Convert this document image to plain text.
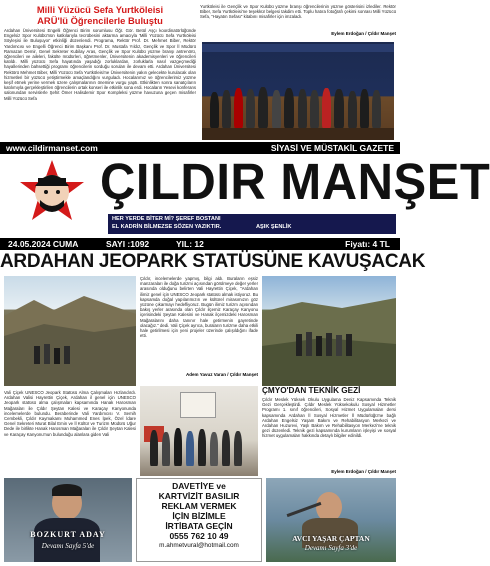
Milli Yüzücü Sefa Yurtköleisi
ARÜ'lü Öğrencilerle Buluştu
Ardahan Üniversitesi Engelli Öğrenci Birim sorumlusu Öğr. Gör. Betül Aşçı koordinatörlüğünde Engelsiz Spor Kulübü'nün katkılarıyla tecrübesini aktarma amacıyla 'Milli Yüzücü Sefa Yurtköleisi Söyleşisi ile Buluşuyor' etkinliği düzenlendi. Programa, Rektör Prof. Dr. Mehmet Biber, Rektör Yardımcısı ve Engelli Öğrenci Birim Başkanı Prof. Dr. Mustafa Yıldız, Gençlik ve Spor İl Müdürü Ramazan Demir, Genel Sekreter Kubilay Aras, Gençlik ve Spor Kulübü yüzme branşı antrenörü, öğrencileri ve aileleri, fakülte müdürleri, öğretmenler, Üniversitenin akademisyenleri ve öğrencileri katıldı. Milli yüzücü Sefa hayatında yaşadığı zorluklardan, zorluklarla nasıl vazgeçmediği hayallerinden bahsettiği programı öğrencilerin sorduğu soruları ile devam etti. Ardahan Üniversitesi Rektörü Mehmet Biber, Milli Yüzücü Sefa Yurtköleisi'ne Üniversitenin yakın gelecekte kurulacak olan hizmetleri bir yüzücü yetiştirmekle amaçlandığını vurguladı. Hocalarımız ve öğrencilerimiz yüzme keşif etmek yerine vermek üzere çalışmalarının önemine vurgu yaptı. Etkinlikten sonra sanatçıların katılımıyla gerçekleştirilen öğrencilerin ortak konseri ile etkinlik sona erdi. Hocaların Yesevi konferans salonundan servislerle Şehit Ömer Halisdemir Spor Kompleksi yüzme havuzuna geçen misafirler Milli Yüzücü Sefa
Yurtköleisi ile Gençlik ve Spor Kulübü yüzme branşı öğrencilerinin yüzme gösterisini izlediler. Rektör Biber, Sefa Yurtköleisi'ne teşekkür belgesi takdim etti. Toplu hatıra fotoğrafı çekimi sonrası Milli Yüzücü Sefa, "Hayatın Sefası" kitabını misafirler için imzaladı.
Eylem Erdoğan / Çıldır Manşet
www.cildirmanset.com	SİYASİ VE MÜSTAKİL GAZETE
ÇILDIR MANŞET
HER YERDE BİTER Mİ? ŞEREF BOSTANI
EL KADRİN BİLMEZSE SÖZEN YAZIKTIR.	AŞIK ŞENLİK
24.05.2024 CUMA	SAYI :1092	YIL: 12	Fiyatı: 4 TL
ARDAHAN JEOPARK STATÜSÜNE KAVUŞACAK
Çıldır, incelemelerde yapmış, bilgi aldı. Buraların eşsiz manzaraları ile doğa turizmi açısından görülmeye değer yerler arasında olduğunu belirten Vali Hayrettin Çiçek, "Ardahan ilimiz genel için UNESCO Jeopark statüsü almak istiyoruz. Bu kapsamda doğal yapılarımızın ve kültürel mirasımızın göz yüzüne çıkarmayı hedefliyoruz. Bugün ilimiz turizm açısından bakış yerler arasında olan Çıldır ilçemiz Karaçay Kanyonu içerisindeki Şeytan Kalesini ve Hanak ilçemizdeki Harosman Mağaralarını daha tanınır hale getirmenin gayretinde olacağız." dedi. Vali Çiçek ayrıca, buraların turizme daha etkili hale getirilmesi için yeni projeler üzerinde çalışıldığını ifade etti.
Adem Yavuz Varan / Çıldır Manşet
Vali Çiçek UNESCO Jeopark Statüsü Alma Çalışmaları Hızlandırdı. Ardahan Valisi Hayrettin Çiçek, Ardahan il genel için UNESCO Jeopark statüsü alma çalışmaları kapsamında Hanak Harosman Mağaraları ile Çıldır Şeytan Kalesi ve Karaçay Kanyonunda incelemelerde bulundu. Beraberinde Vali Yardımcısı V. Semih Cembekli, Çıldır Kaymakamı Muhammed Enes İpek, Özel İdare Genel Sekreteri Murat Bilal Emin ve İl Kültür ve Turizm Müdürü Uğur Dede ile birlikte Hanak Harosman Mağaraları ile Çıldır Şeytan Kalesi ve Karaçay Kanyonu'nun bulunduğu alanlara giden Vali
ÇMYO'DAN TEKNİK GEZİ
Çıldır Meslek Yüksek Okulu Uygulama Deniz Kapsamında Teknik Gezi Gerçekleştirdi. Çıldır Meslek Yüksekokulu Sosyal Hizmetler Programı 1. sınıf öğrencileri, Sosyal Hizmet Uygulamaları dersi kapsamında Ardahan İl Sosyal Hizmetler İl Müdürlüğü'ne bağlı Ardahan Engelsiz Yaşam Bakım ve Rehabilitasyon Merkezi ve Ardahan Huzurevi, Yaşlı Bakım ve Rehabilitasyon Merkezi'ne teknik gezi düzenledi. Teknik gezi kapsamında kurumların işleyişi ve sosyal hizmet uygulamaları hakkında detaylı bilgiler edinildi.
Eylem Erdoğan / Çıldır Manşet
BOZKURT ADAY
Devamı Sayfa 5'de
DAVETİYE ve
KARTVİZİT BASILIR
REKLAM VERMEK
İÇİN BİZİMLE
İRTİBATA GEÇİN
0555 762 10 49
m.ahmetvural@hotmail.com
AVCI YAŞAR ÇAPTAN
Devamı Sayfa 3'de
